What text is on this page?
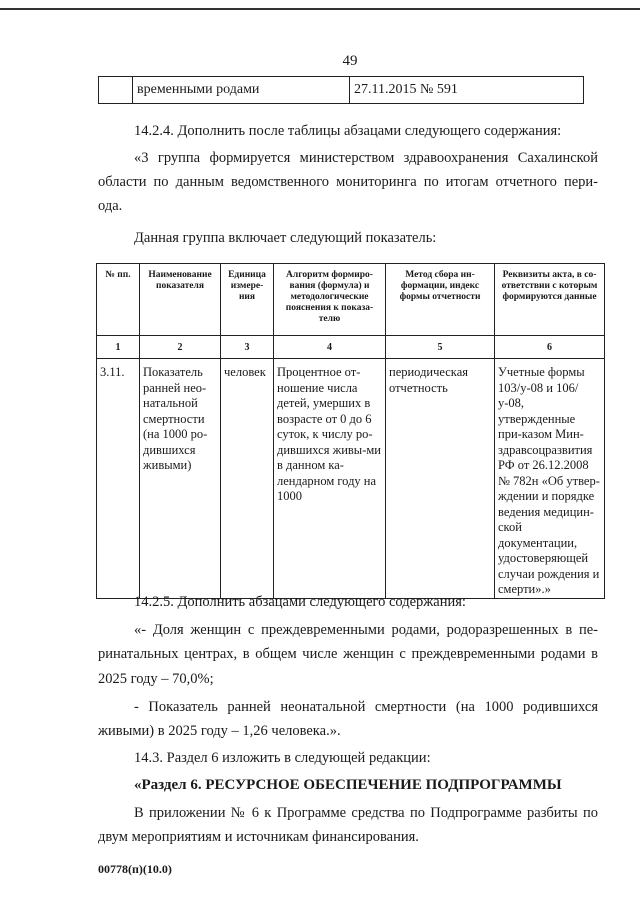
49
	временными родами	27.11.2015 № 591

14.2.4. Дополнить после таблицы абзацами следующего содержания:

«3 группа формируется министерством здравоохранения Сахалинской

области по данным ведомственного мониторинга по итогам отчетного пери-

ода.

Данная группа включает следующий показатель:

№ пп.	Наименование показателя	Единица измере-ния	Алгоритм формиро-вания (формула) и методологические пояснения к показа-телю	Метод сбора ин-формации, индекс формы отчетности	Реквизиты акта, в со-ответствии с которым формируются данные
1	2	3	4	5	6
3.11.	Показатель ранней нео-натальной смертности (на 1000 ро-дившихся живыми)	человек	Процентное от-ношение числа детей, умерших в возрасте от 0 до 6 суток, к числу ро-дившихся живы-ми в данном ка-лендарном году на 1000	периодическая отчетность	Учетные формы 103/у-08 и 106/у-08, утвержденные при-казом Мин-здравсоцразвития РФ от 26.12.2008 № 782н «Об утвер-ждении и порядке ведения медицин-ской документации, удостоверяющей случаи рождения и смерти».»

14.2.5. Дополнить абзацами следующего содержания:

«- Доля женщин с преждевременными родами, родоразрешенных в пе-

ринатальных центрах, в общем числе женщин с преждевременными родами в

2025 году – 70,0%;

- Показатель ранней неонатальной смертности (на 1000 родившихся

живыми) в 2025 году – 1,26 человека.».

14.3. Раздел 6 изложить в следующей редакции:

«Раздел 6. РЕСУРСНОЕ ОБЕСПЕЧЕНИЕ ПОДПРОГРАММЫ

В приложении № 6 к Программе средства по Подпрограмме разбиты по

двум мероприятиям и источникам финансирования.

00778(п)(10.0)
